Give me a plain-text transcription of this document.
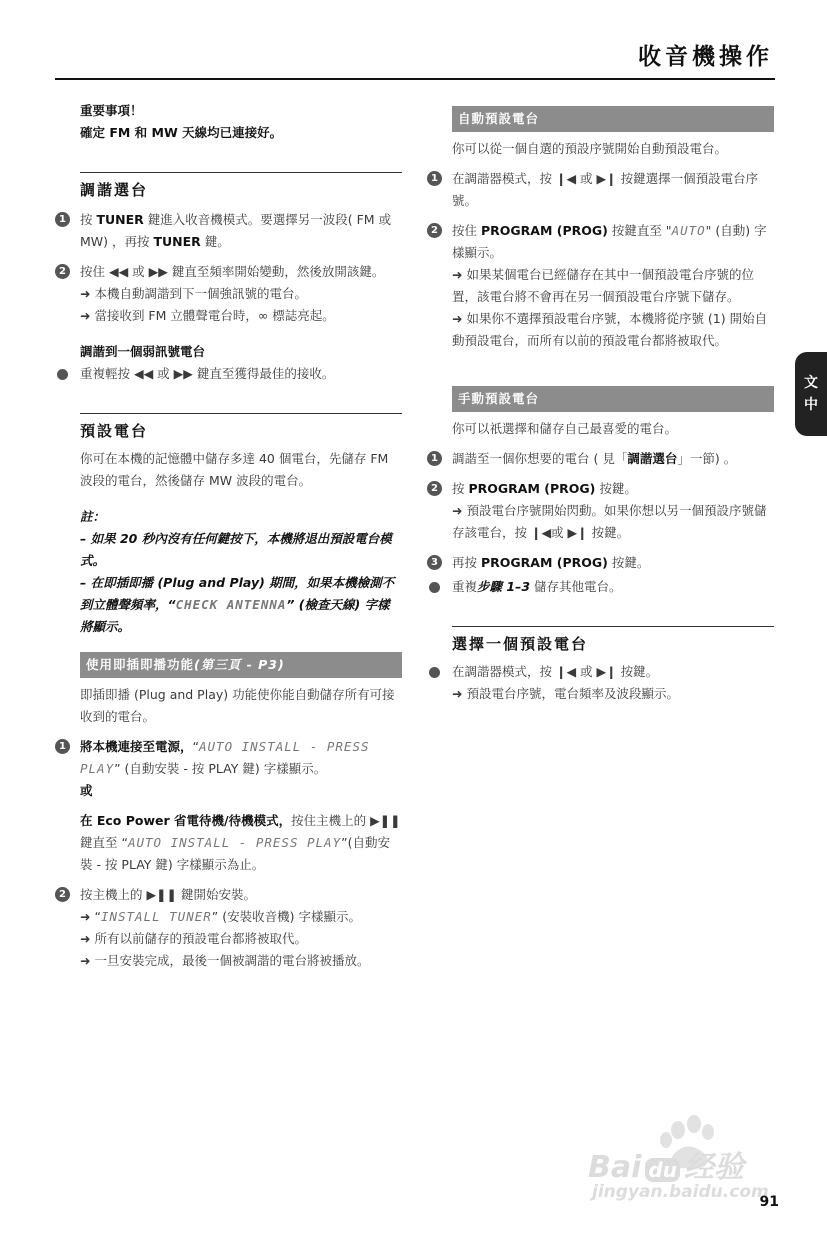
收音機操作
重要事項！
確定 FM 和 MW 天線均已連接好。
調諧選台
1	按 TUNER 鍵進入收音機模式。要選擇另一波段( FM 或 MW) ，再按 TUNER 鍵。
2	按住 ◀◀ 或 ▶▶ 鍵直至頻率開始變動，然後放開該鍵。
➜ 本機自動調諧到下一個強訊號的電台。
➜ 當接收到 FM 立體聲電台時，∞ 標誌亮起。
調諧到一個弱訊號電台
重複輕按 ◀◀ 或 ▶▶ 鍵直至獲得最佳的接收。
預設電台
你可在本機的記憶體中儲存多達 40 個電台，先儲存 FM 波段的電台，然後儲存 MW 波段的電台。
註：
– 如果 20 秒內沒有任何鍵按下，本機將退出預設電台模式。
– 在即插即播 (Plug and Play) 期間，如果本機檢測不到立體聲頻率，“CHECK ANTENNA” (檢查天線) 字樣將顯示。
使用即插即播功能(第三頁 - P3)
即插即播 (Plug and Play) 功能使你能自動儲存所有可接收到的電台。
1	將本機連接至電源，“AUTO INSTALL - PRESS PLAY” (自動安裝 - 按 PLAY 鍵) 字樣顯示。
或
在 Eco Power 省電待機/待機模式，按住主機上的 ▶❚❚ 鍵直至 “AUTO INSTALL - PRESS PLAY”(自動安裝 - 按 PLAY 鍵) 字樣顯示為止。
2	按主機上的 ▶❚❚ 鍵開始安裝。
➜ “INSTALL TUNER” (安裝收音機) 字樣顯示。
➜ 所有以前儲存的預設電台都將被取代。
➜ 一旦安裝完成，最後一個被調諧的電台將被播放。
自動預設電台
你可以從一個自選的預設序號開始自動預設電台。
1	在調諧器模式，按 ❙◀ 或 ▶❙ 按鍵選擇一個預設電台序號。
2	按住 PROGRAM (PROG) 按鍵直至 "AUTO" (自動) 字樣顯示。
➜ 如果某個電台已經儲存在其中一個預設電台序號的位置，該電台將不會再在另一個預設電台序號下儲存。
➜ 如果你不選擇預設電台序號，本機將從序號 (1) 開始自動預設電台，而所有以前的預設電台都將被取代。
手動預設電台
你可以祇選擇和儲存自己最喜愛的電台。
1	調諧至一個你想要的電台 ( 見「調諧選台」一節) 。
2	按 PROGRAM (PROG) 按鍵。
➜ 預設電台序號開始閃動。如果你想以另一個預設序號儲存該電台，按 ❙◀或 ▶❙ 按鍵。
3	再按 PROGRAM (PROG) 按鍵。
重複步驟 1–3 儲存其他電台。
選擇一個預設電台
在調諧器模式，按 ❙◀ 或 ▶❙ 按鍵。
➜ 預設電台序號，電台頻率及波段顯示。
文
中
Bai du 经验
jingyan.baidu.com
91
